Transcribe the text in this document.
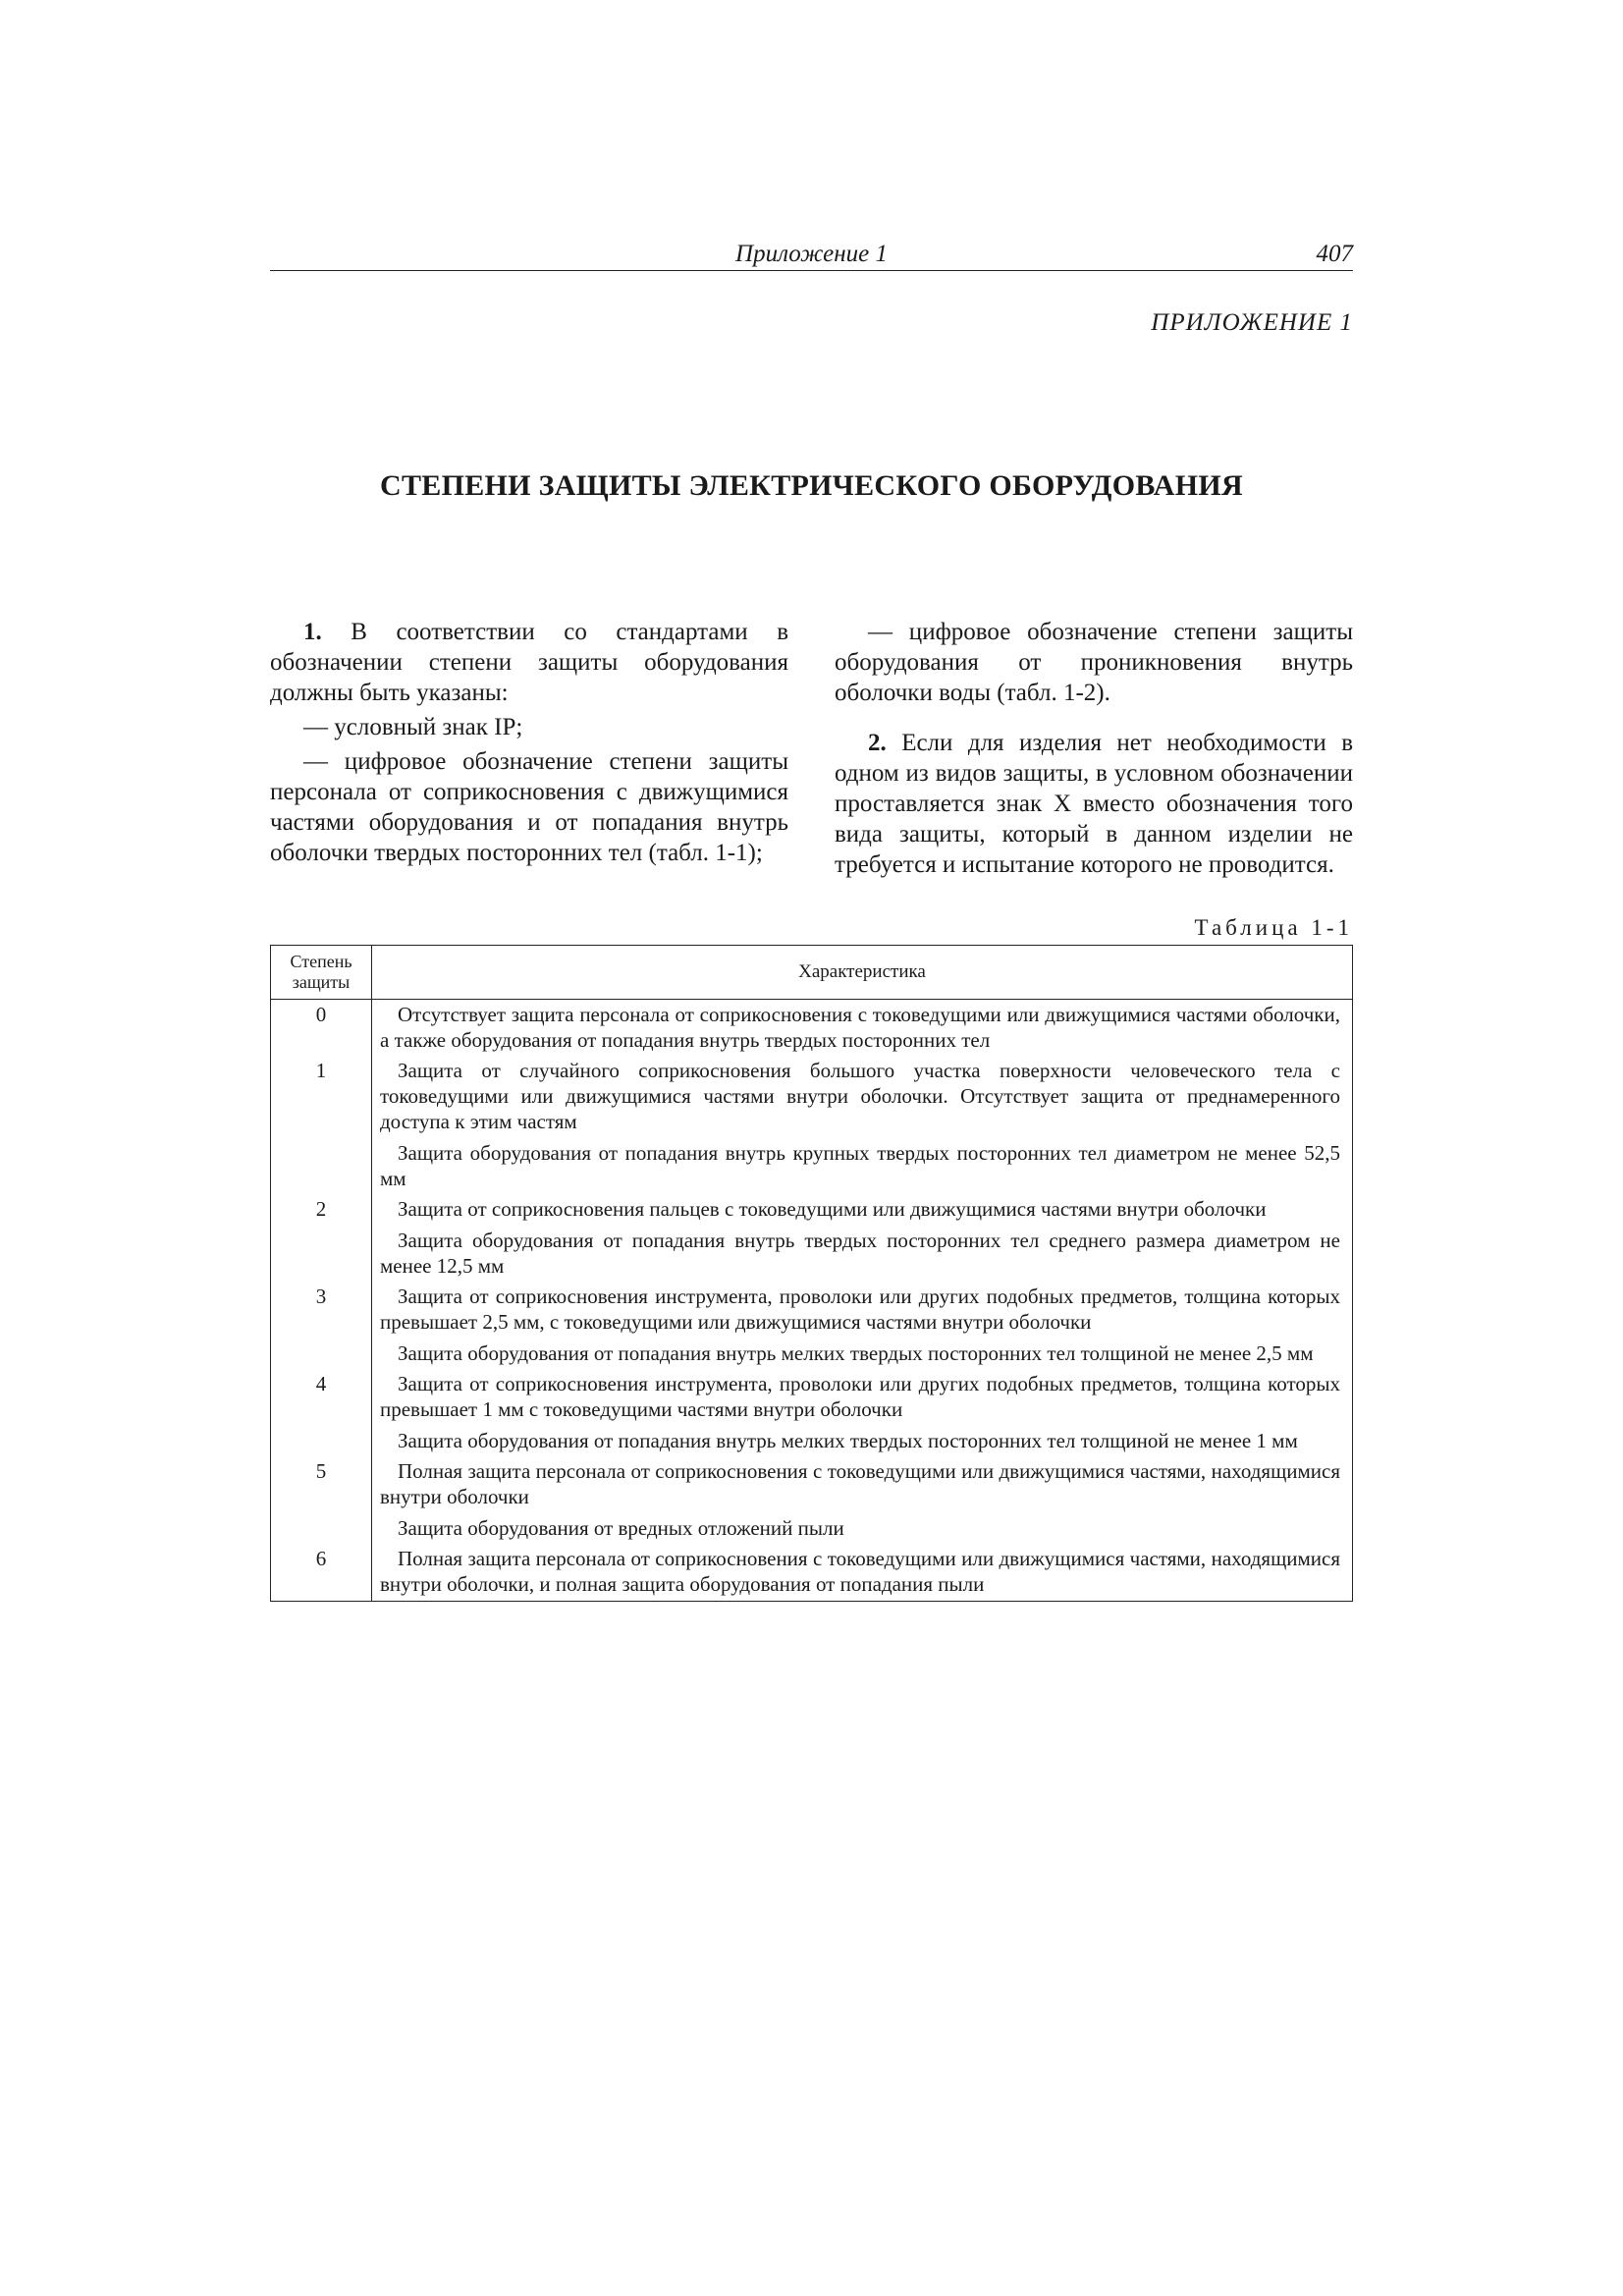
Приложение 1	407
ПРИЛОЖЕНИЕ 1
СТЕПЕНИ ЗАЩИТЫ ЭЛЕКТРИЧЕСКОГО ОБОРУДОВАНИЯ

1. В соответствии со стандартами в обозначении степени защиты оборудования должны быть указаны:

— условный знак IP;

— цифровое обозначение степени защиты персонала от соприкосновения с движущимися частями оборудования и от попадания внутрь оболочки твердых посторонних тел (табл. 1-1);

— цифровое обозначение степени защиты оборудования от проникновения внутрь оболочки воды (табл. 1-2).

2. Если для изделия нет необходимости в одном из видов защиты, в условном обозначении проставляется знак X вместо обозначения того вида защиты, который в данном изделии не требуется и испытание которого не проводится.

Таблица 1-1
Степень защиты	Характеристика
0	Отсутствует защита персонала от соприкосновения с токоведущими или движущимися частями оболочки, а также оборудования от попадания внутрь твердых посторонних тел

1	Защита от случайного соприкосновения большого участка поверхности человеческого тела с токоведущими или движущимися частями внутри оболочки. Отсутствует защита от преднамеренного доступа к этим частям

Защита оборудования от попадания внутрь крупных твердых посторонних тел диаметром не менее 52,5 мм

2	Защита от соприкосновения пальцев с токоведущими или движущимися частями внутри оболочки

Защита оборудования от попадания внутрь твердых посторонних тел среднего размера диаметром не менее 12,5 мм

3	Защита от соприкосновения инструмента, проволоки или других подобных предметов, толщина которых превышает 2,5 мм, с токоведущими или движущимися частями внутри оболочки

Защита оборудования от попадания внутрь мелких твердых посторонних тел толщиной не менее 2,5 мм

4	Защита от соприкосновения инструмента, проволоки или других подобных предметов, толщина которых превышает 1 мм с токоведущими частями внутри оболочки

Защита оборудования от попадания внутрь мелких твердых посторонних тел толщиной не менее 1 мм

5	Полная защита персонала от соприкосновения с токоведущими или движущимися частями, находящимися внутри оболочки

Защита оборудования от вредных отложений пыли

6	Полная защита персонала от соприкосновения с токоведущими или движущимися частями, находящимися внутри оболочки, и полная защита оборудования от попадания пыли
